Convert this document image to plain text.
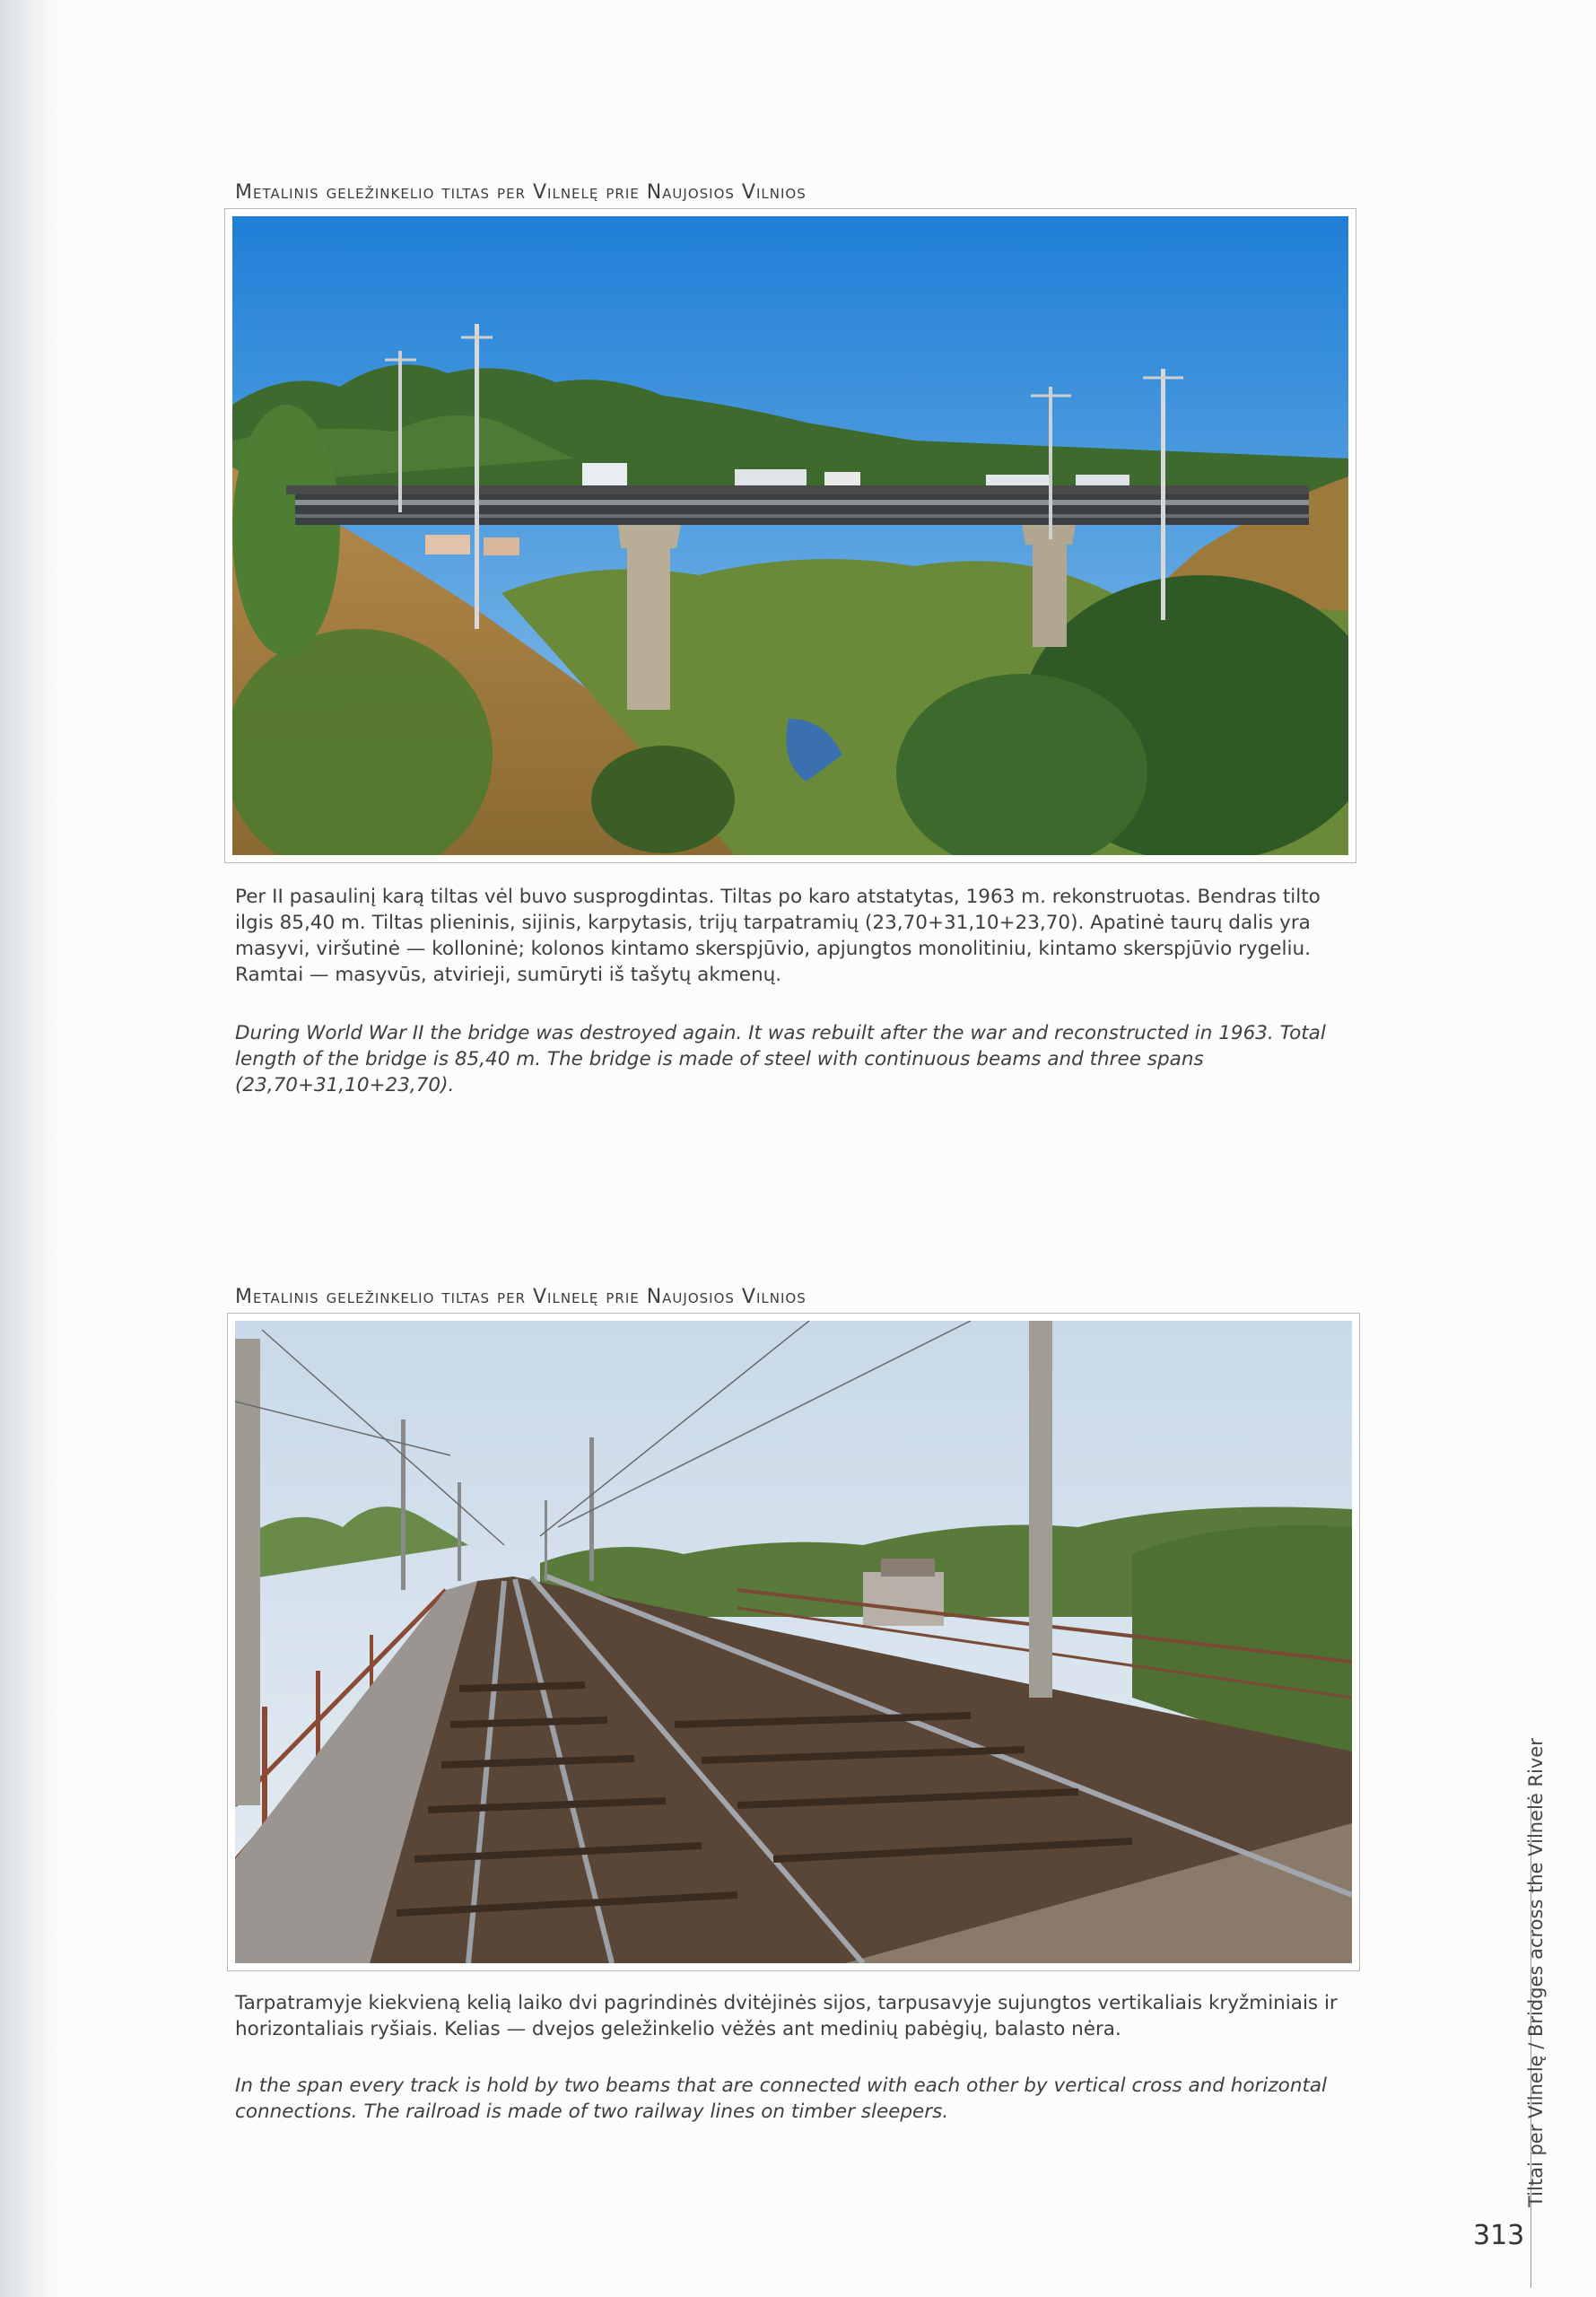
Metalinis geležinkelio tiltas per Vilnelę prie Naujosios Vilnios
Per II pasaulinį karą tiltas vėl buvo susprogdintas. Tiltas po karo atstatytas, 1963 m. rekonstruotas. Bendras tilto ilgis 85,40 m. Tiltas plieninis, sijinis, karpytasis, trijų tarpatramių (23,70+31,10+23,70). Apatinė taurų dalis yra masyvi, viršutinė — kolloninė; kolonos kintamo skerspjūvio, apjungtos monolitiniu, kintamo skerspjūvio rygeliu. Ramtai — masyvūs, atvirieji, sumūryti iš tašytų akmenų.
During World War II the bridge was destroyed again. It was rebuilt after the war and reconstructed in 1963. Total length of the bridge is 85,40 m. The bridge is made of steel with continuous beams and three spans (23,70+31,10+23,70).
Metalinis geležinkelio tiltas per Vilnelę prie Naujosios Vilnios
Tarpatramyje kiekvieną kelią laiko dvi pagrindinės dvitėjinės sijos, tarpusavyje sujungtos vertikaliais kryžminiais ir horizontaliais ryšiais. Kelias — dvejos geležinkelio vėžės ant medinių pabėgių, balasto nėra.
In the span every track is hold by two beams that are connected with each other by vertical cross and horizontal connections. The railroad is made of two railway lines on timber sleepers.	Tiltai per Vilnelę / Bridges across the Vilnelė River
313
